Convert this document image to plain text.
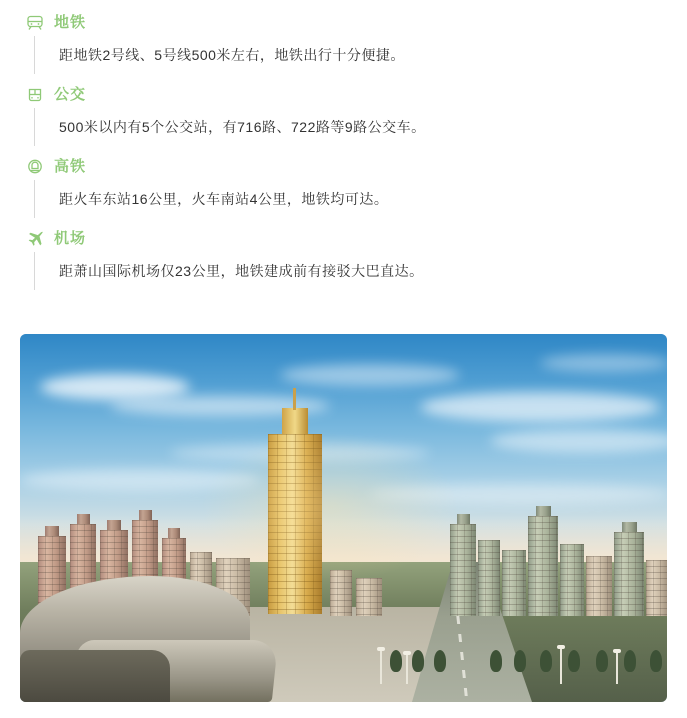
地铁
距地铁2号线、5号线500米左右，地铁出行十分便捷。
公交
500米以内有5个公交站，有716路、722路等9路公交车。
高铁
距火车东站16公里，火车南站4公里，地铁均可达。
机场
距萧山国际机场仅23公里，地铁建成前有接驳大巴直达。
